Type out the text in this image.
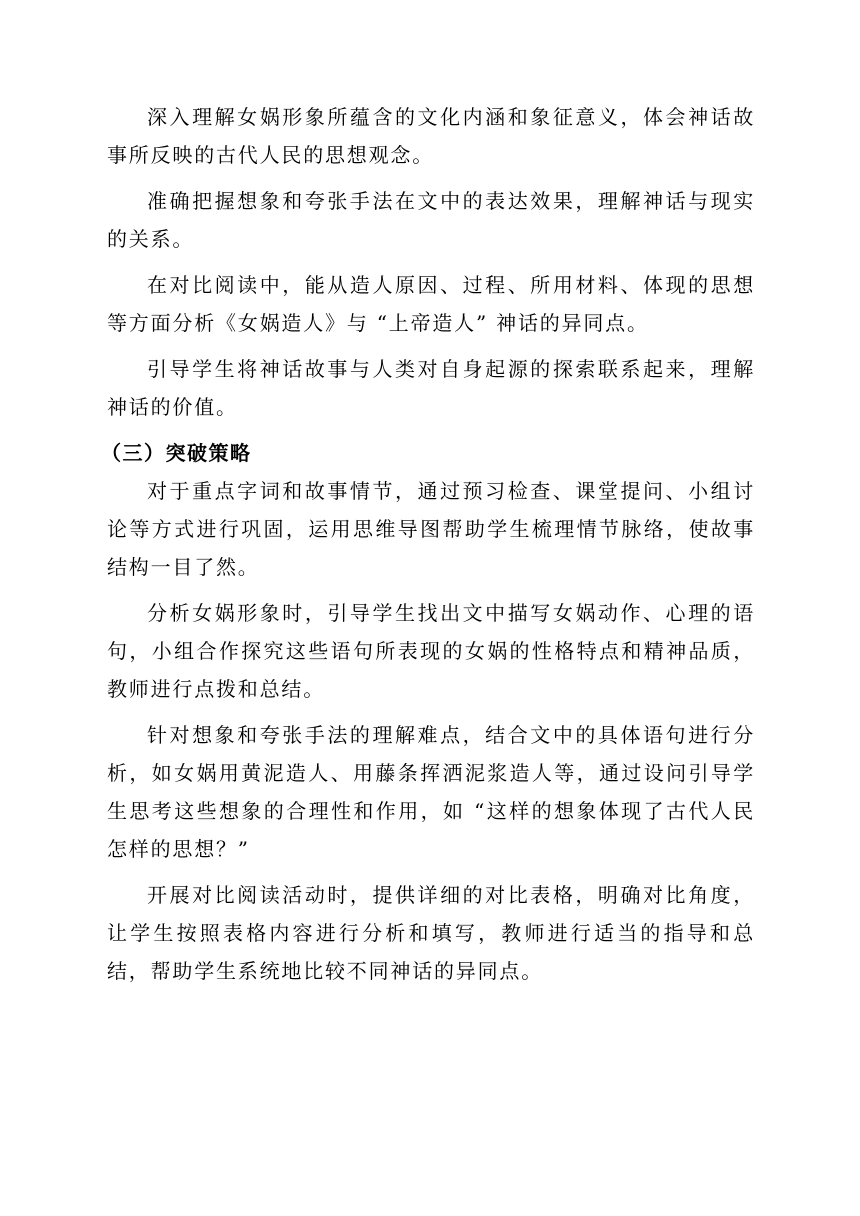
深入理解女娲形象所蕴含的文化内涵和象征意义，体会神话故事所反映的古代人民的思想观念。

准确把握想象和夸张手法在文中的表达效果，理解神话与现实的关系。

在对比阅读中，能从造人原因、过程、所用材料、体现的思想等方面分析《女娲造人》与 “上帝造人” 神话的异同点。

引导学生将神话故事与人类对自身起源的探索联系起来，理解神话的价值。

（三）突破策略

对于重点字词和故事情节，通过预习检查、课堂提问、小组讨论等方式进行巩固，运用思维导图帮助学生梳理情节脉络，使故事结构一目了然。

分析女娲形象时，引导学生找出文中描写女娲动作、心理的语句，小组合作探究这些语句所表现的女娲的性格特点和精神品质，教师进行点拨和总结。

针对想象和夸张手法的理解难点，结合文中的具体语句进行分析，如女娲用黄泥造人、用藤条挥洒泥浆造人等，通过设问引导学生思考这些想象的合理性和作用，如 “这样的想象体现了古代人民怎样的思想？”

开展对比阅读活动时，提供详细的对比表格，明确对比角度，让学生按照表格内容进行分析和填写，教师进行适当的指导和总结，帮助学生系统地比较不同神话的异同点。
